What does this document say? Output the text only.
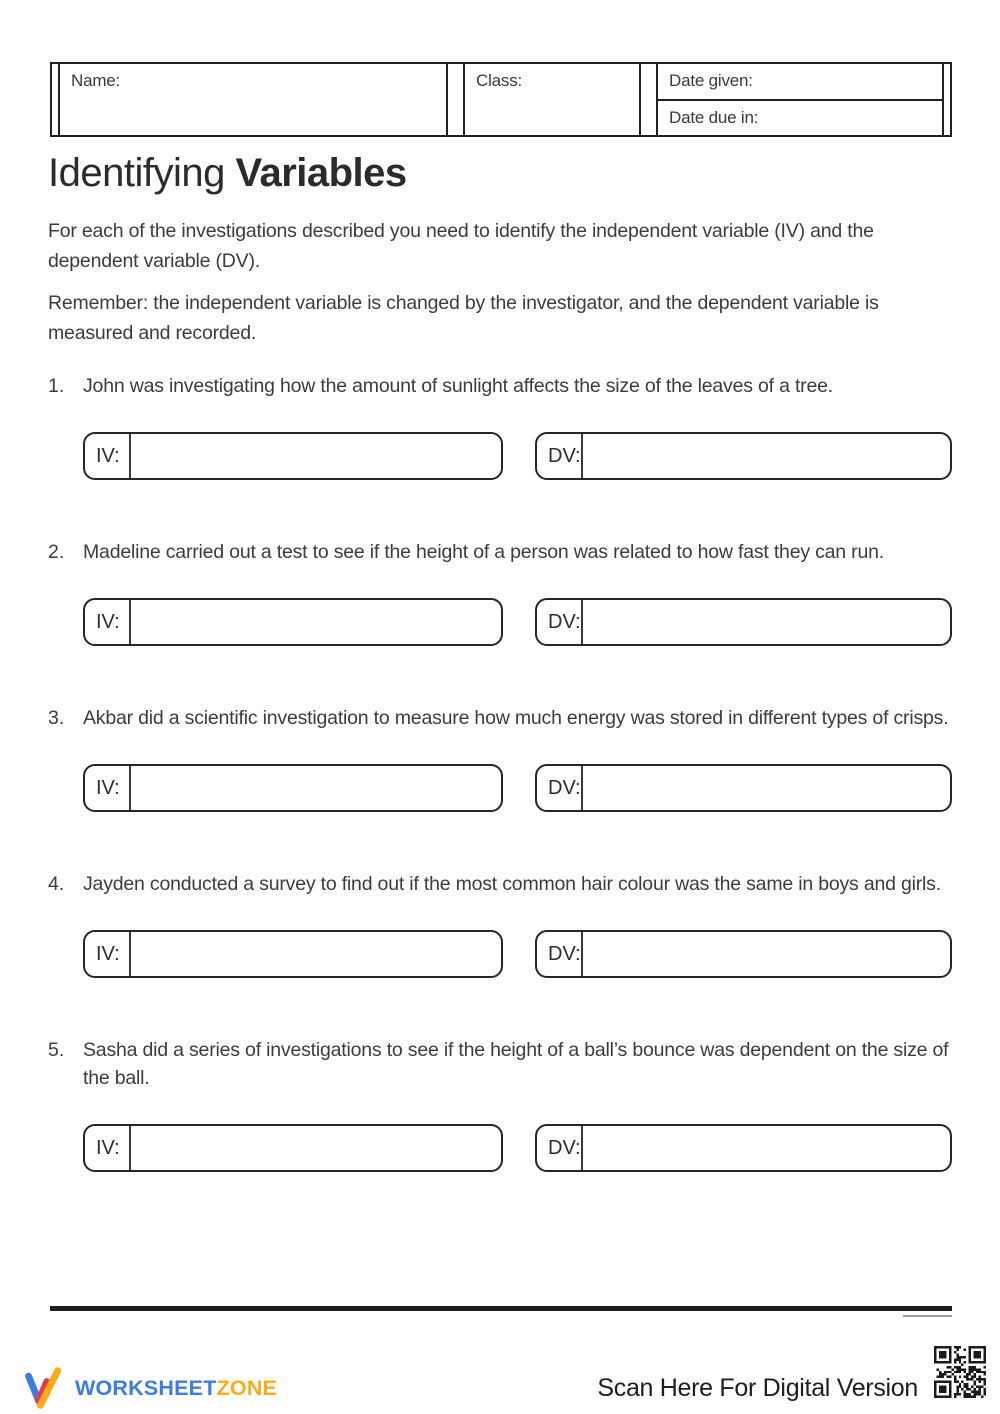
Name:	Class:	Date given:
Date due in:
Identifying Variables

For each of the investigations described you need to identify the independent variable (IV) and the dependent variable (DV).

Remember: the independent variable is changed by the investigator, and the dependent variable is measured and recorded.

1. John was investigating how the amount of sunlight affects the size of the leaves of a tree.
IV:	DV:
2. Madeline carried out a test to see if the height of a person was related to how fast they can run.
IV:	DV:
3. Akbar did a scientific investigation to measure how much energy was stored in different types of crisps.
IV:	DV:
4. Jayden conducted a survey to find out if the most common hair colour was the same in boys and girls.
IV:	DV:
5. Sasha did a series of investigations to see if the height of a ball’s bounce was dependent on the size of the ball.
IV:	DV:
WORKSHEETZONE	Scan Here For Digital Version
